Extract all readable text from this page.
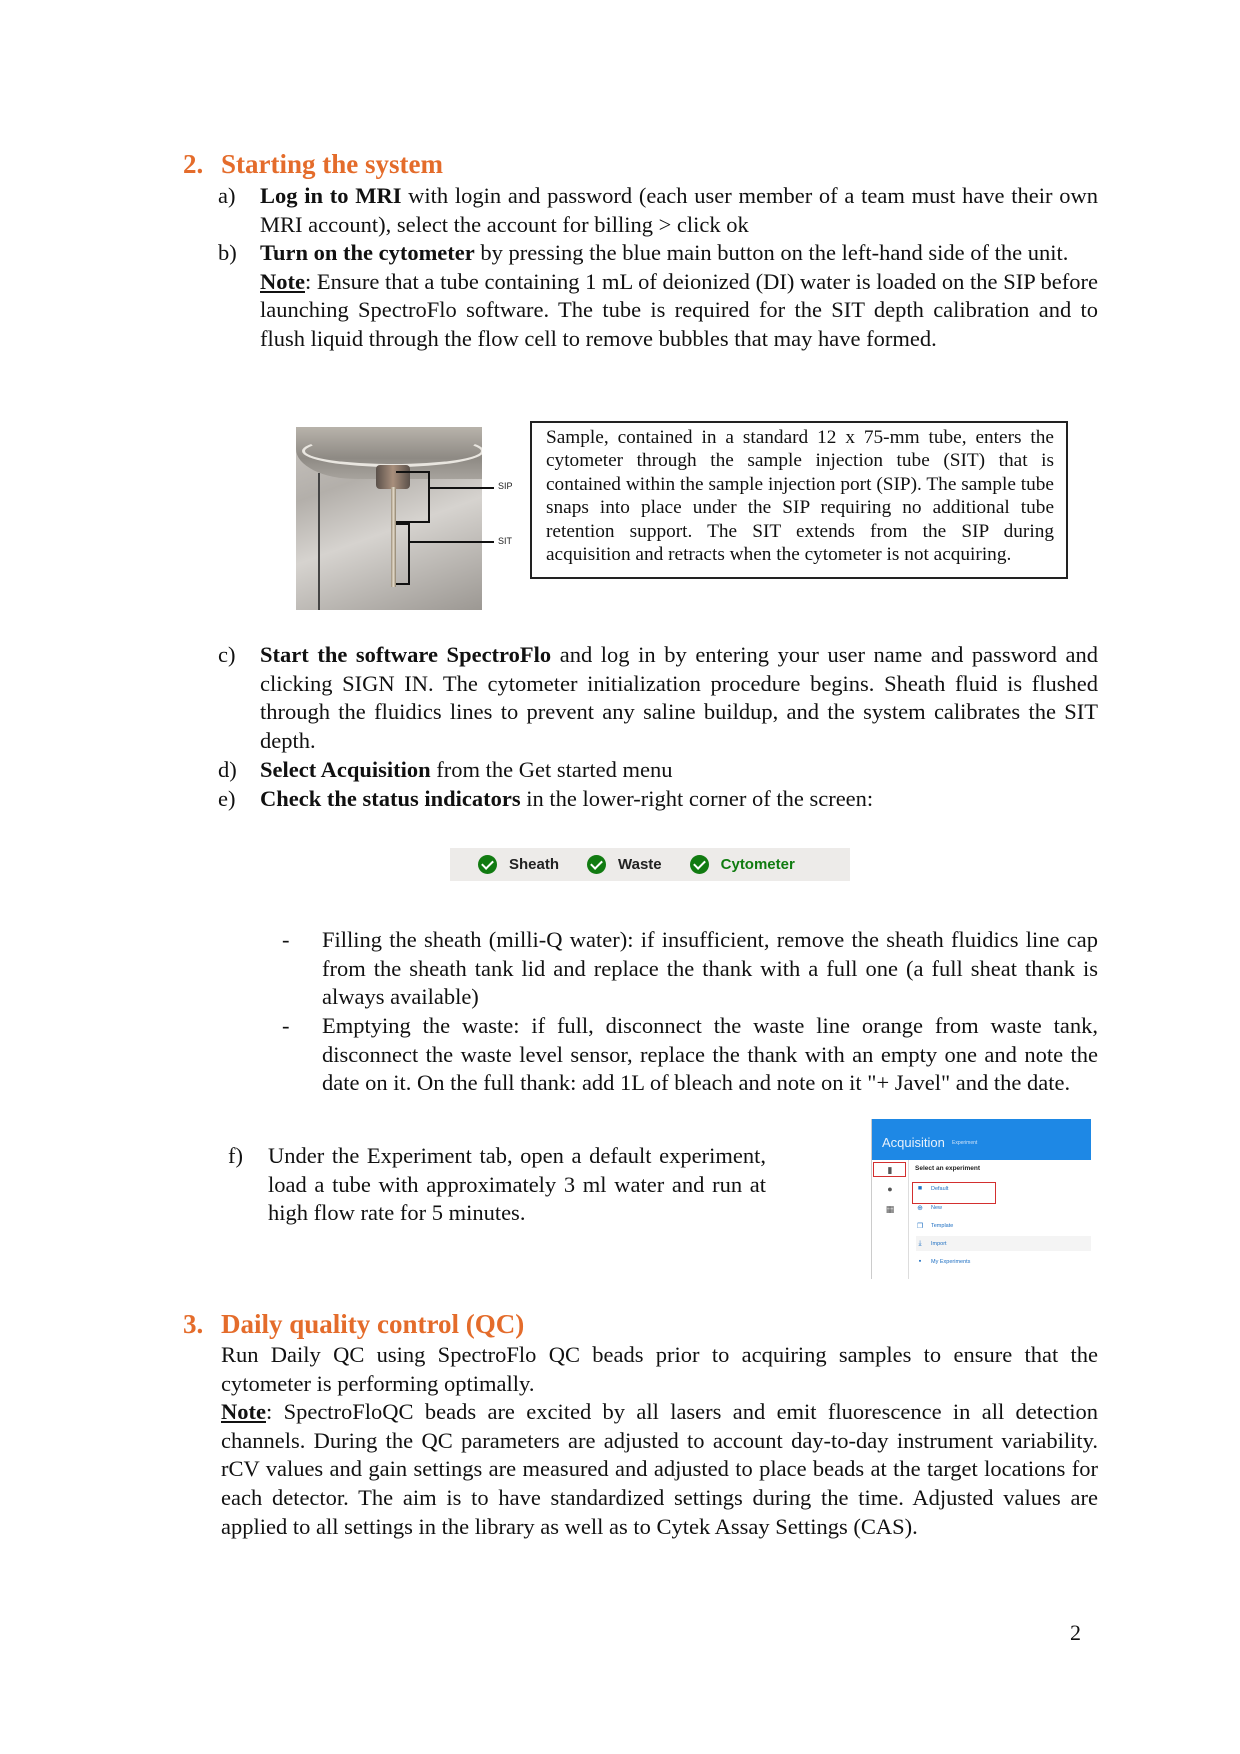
2. Starting the system
a) Log in to MRI with login and password (each user member of a team must have their own MRI account), select the account for billing > click ok
b) Turn on the cytometer by pressing the blue main button on the left-hand side of the unit.
Note: Ensure that a tube containing 1 mL of deionized (DI) water is loaded on the SIP before launching SpectroFlo software. The tube is required for the SIT depth calibration and to flush liquid through the flow cell to remove bubbles that may have formed.
SIP
SIT

Sample, contained in a standard 12 x 75-mm tube, enters the cytometer through the sample injection tube (SIT) that is contained within the sample injection port (SIP). The sample tube snaps into place under the SIP requiring no additional tube retention support. The SIT extends from the SIP during acquisition and retracts when the cytometer is not acquiring.

c) Start the software SpectroFlo and log in by entering your user name and password and clicking SIGN IN. The cytometer initialization procedure begins. Sheath fluid is flushed through the fluidics lines to prevent any saline buildup, and the system calibrates the SIT depth.
d) Select Acquisition from the Get started menu
e) Check the status indicators in the lower-right corner of the screen:
Sheath	Waste	Cytometer
- Filling the sheath (milli-Q water): if insufficient, remove the sheath fluidics line cap from the sheath tank lid and replace the thank with a full one (a full sheat thank is always available)
- Emptying the waste: if full, disconnect the waste line orange from waste tank, disconnect the waste level sensor, replace the thank with an empty one and note the date on it. On the full thank: add 1L of bleach and note on it "+ Javel" and the date.
f) Under the Experiment tab, open a default experiment, load a tube with approximately 3 ml water and run at high flow rate for 5 minutes.
Acquisition Experiment
▮
●
▦
Select an experiment
■	Default
⊕ New
❐ Template
⤓	Import
▪	My Experiments
3. Daily quality control (QC)
Run Daily QC using SpectroFlo QC beads prior to acquiring samples to ensure that the cytometer is performing optimally.
Note: SpectroFloQC beads are excited by all lasers and emit fluorescence in all detection channels. During the QC parameters are adjusted to account day-to-day instrument variability. rCV values and gain settings are measured and adjusted to place beads at the target locations for each detector. The aim is to have standardized settings during the time. Adjusted values are applied to all settings in the library as well as to Cytek Assay Settings (CAS).
2
